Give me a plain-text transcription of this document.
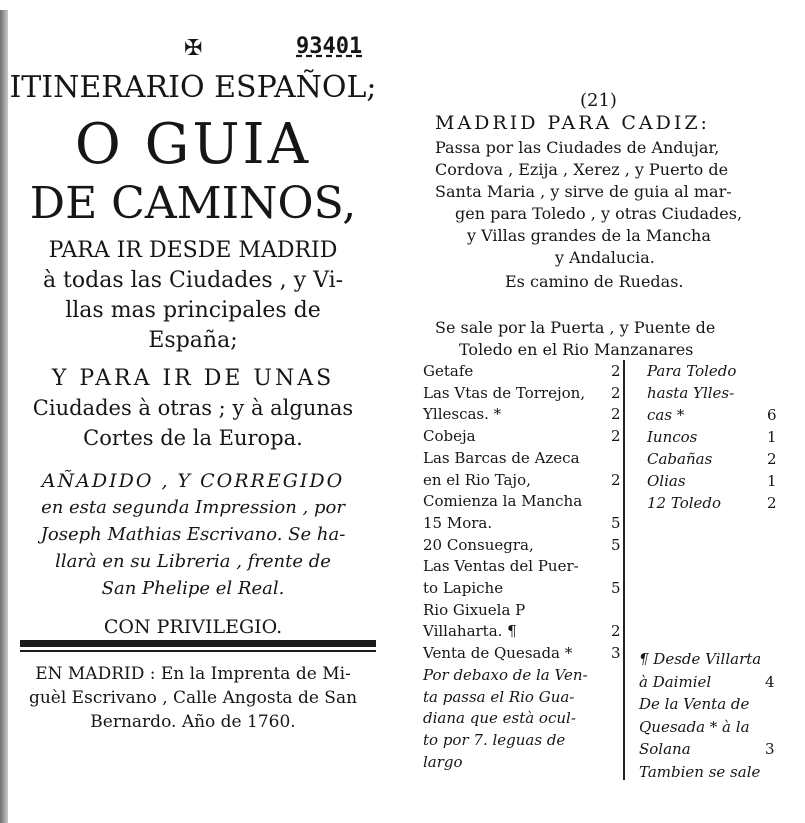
✠	93401
ITINERARIO ESPAÑOL;
O GUIA
DE CAMINOS,
PARA IR DESDE MADRID
à todas las Ciudades , y Vi-
llas mas principales de
España;
Y PARA IR DE UNAS
Ciudades à otras ; y à algunas
Cortes de la Europa.
AÑADIDO , Y CORREGIDO
en esta segunda Impression , por
Joseph Mathias Escrivano. Se ha-
llarà en su Libreria , frente de
San Phelipe el Real.
CON PRIVILEGIO.
EN MADRID : En la Imprenta de Mi-
guèl Escrivano , Calle Angosta de San
Bernardo. Año de 1760.
(21)
MADRID PARA CADIZ:
Passa por las Ciudades de Andujar,
Cordova , Ezija , Xerez , y Puerto de
Santa Maria , y sirve de guia al mar-
gen para Toledo , y otras Ciudades,
y Villas grandes de la Mancha
y Andalucia.
Es camino de Ruedas.
Se sale por la Puerta , y Puente de
Toledo en el Rio Manzanares
Getafe	2
Las Vtas de Torrejon, 2
Yllescas. *	2
Cobeja	2
Las Barcas de Azeca
en el Rio Tajo,	2
Comienza la Mancha
15 Mora.	5
20 Consuegra,	5
Las Ventas del Puer-
to Lapiche	5
Rio Gixuela P
Villaharta. ¶	2
Venta de Quesada *	3
Por debaxo de la Ven-
ta passa el Rio Gua-
diana que està ocul-
to por 7. leguas de
largo
Para Toledo
hasta Ylles-
cas *	6
Iuncos	1
Cabañas	2
Olias	1
12 Toledo	2
¶ Desde Villarta
à Daimiel	4
De la Venta de
Quesada * à la
Solana	3
Tambien se sale
